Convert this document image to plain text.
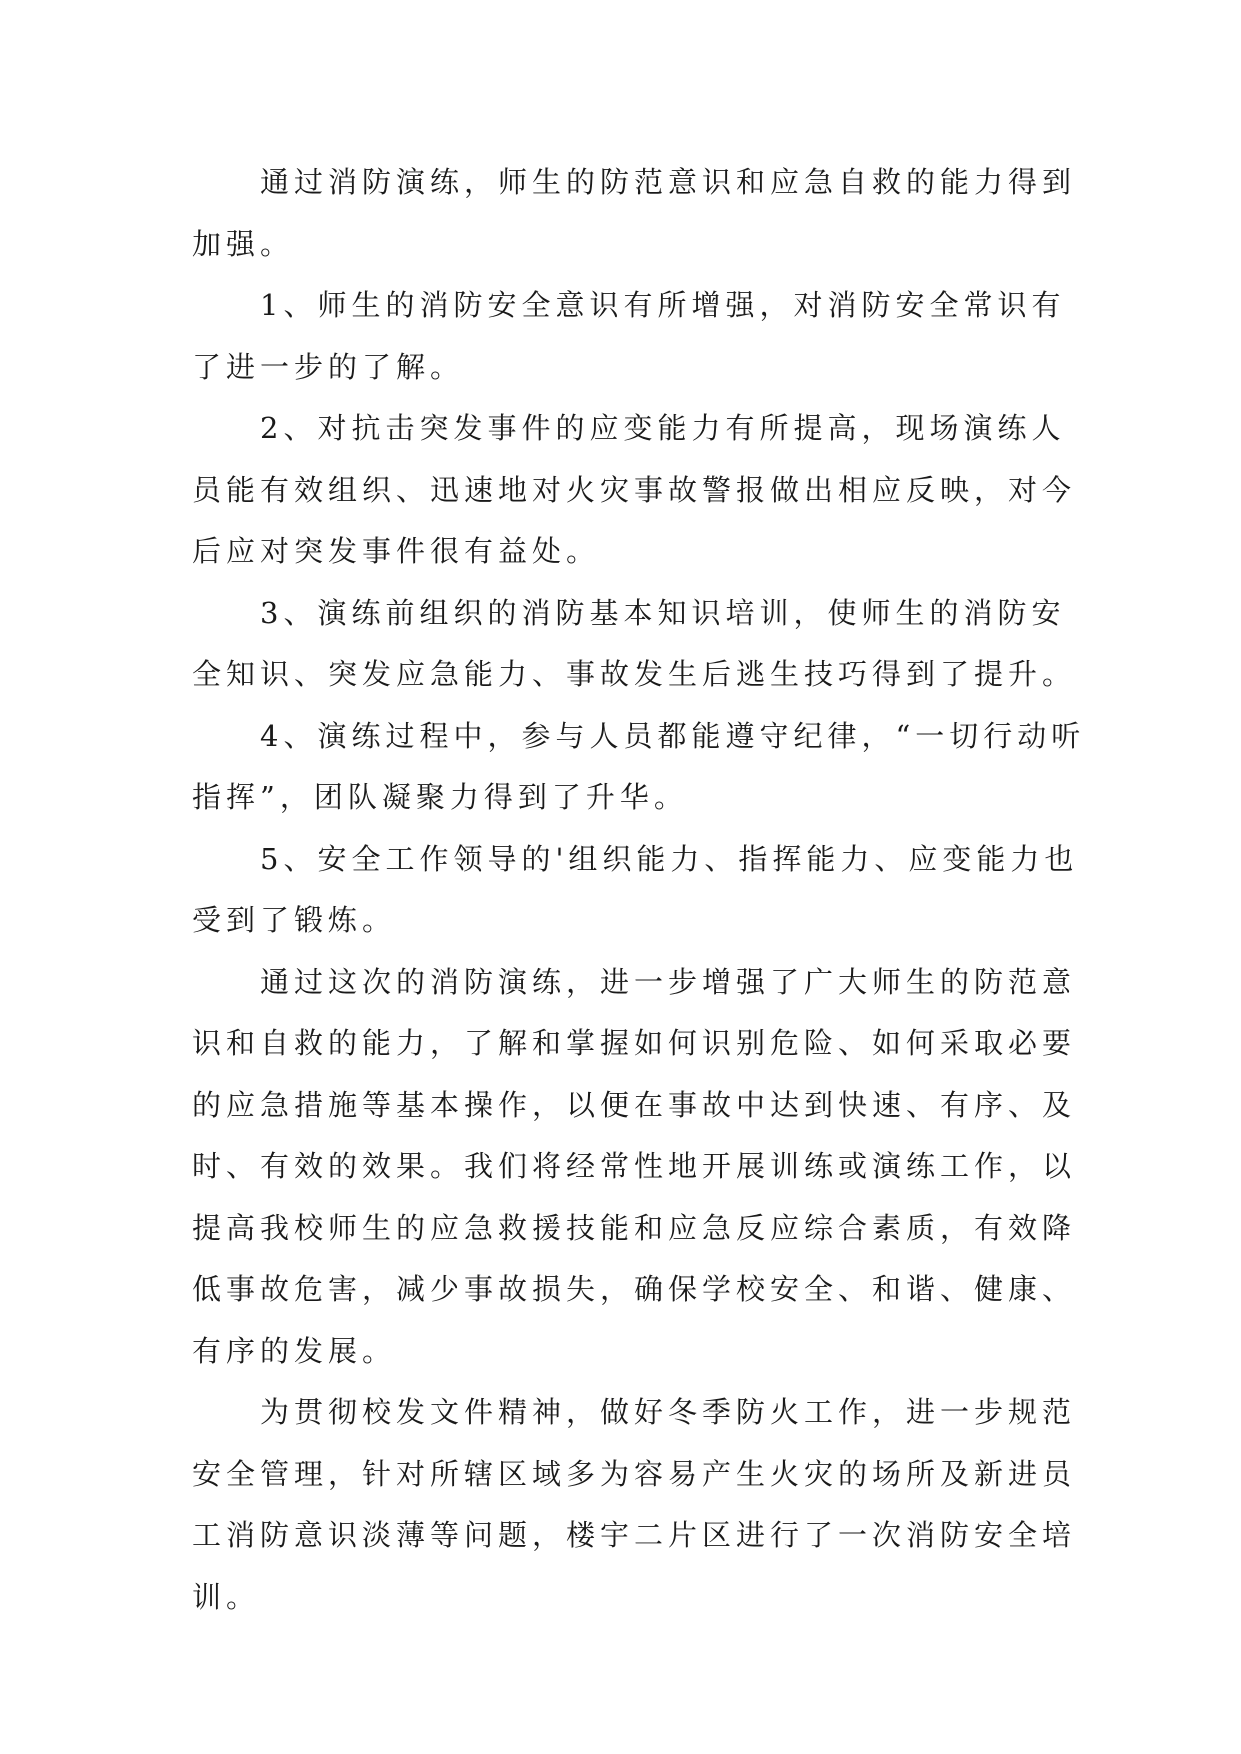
通过消防演练，师生的防范意识和应急自救的能力得到
加强。
1、师生的消防安全意识有所增强，对消防安全常识有
了进一步的了解。
2、对抗击突发事件的应变能力有所提高，现场演练人
员能有效组织、迅速地对火灾事故警报做出相应反映，对今
后应对突发事件很有益处。
3、演练前组织的消防基本知识培训，使师生的消防安
全知识、突发应急能力、事故发生后逃生技巧得到了提升。
4、演练过程中，参与人员都能遵守纪律，“一切行动听
指挥”，团队凝聚力得到了升华。
5、安全工作领导的'组织能力、指挥能力、应变能力也
受到了锻炼。
通过这次的消防演练，进一步增强了广大师生的防范意
识和自救的能力，了解和掌握如何识别危险、如何采取必要
的应急措施等基本操作，以便在事故中达到快速、有序、及
时、有效的效果。我们将经常性地开展训练或演练工作，以
提高我校师生的应急救援技能和应急反应综合素质，有效降
低事故危害，减少事故损失，确保学校安全、和谐、健康、
有序的发展。
为贯彻校发文件精神，做好冬季防火工作，进一步规范
安全管理，针对所辖区域多为容易产生火灾的场所及新进员
工消防意识淡薄等问题，楼宇二片区进行了一次消防安全培
训。
